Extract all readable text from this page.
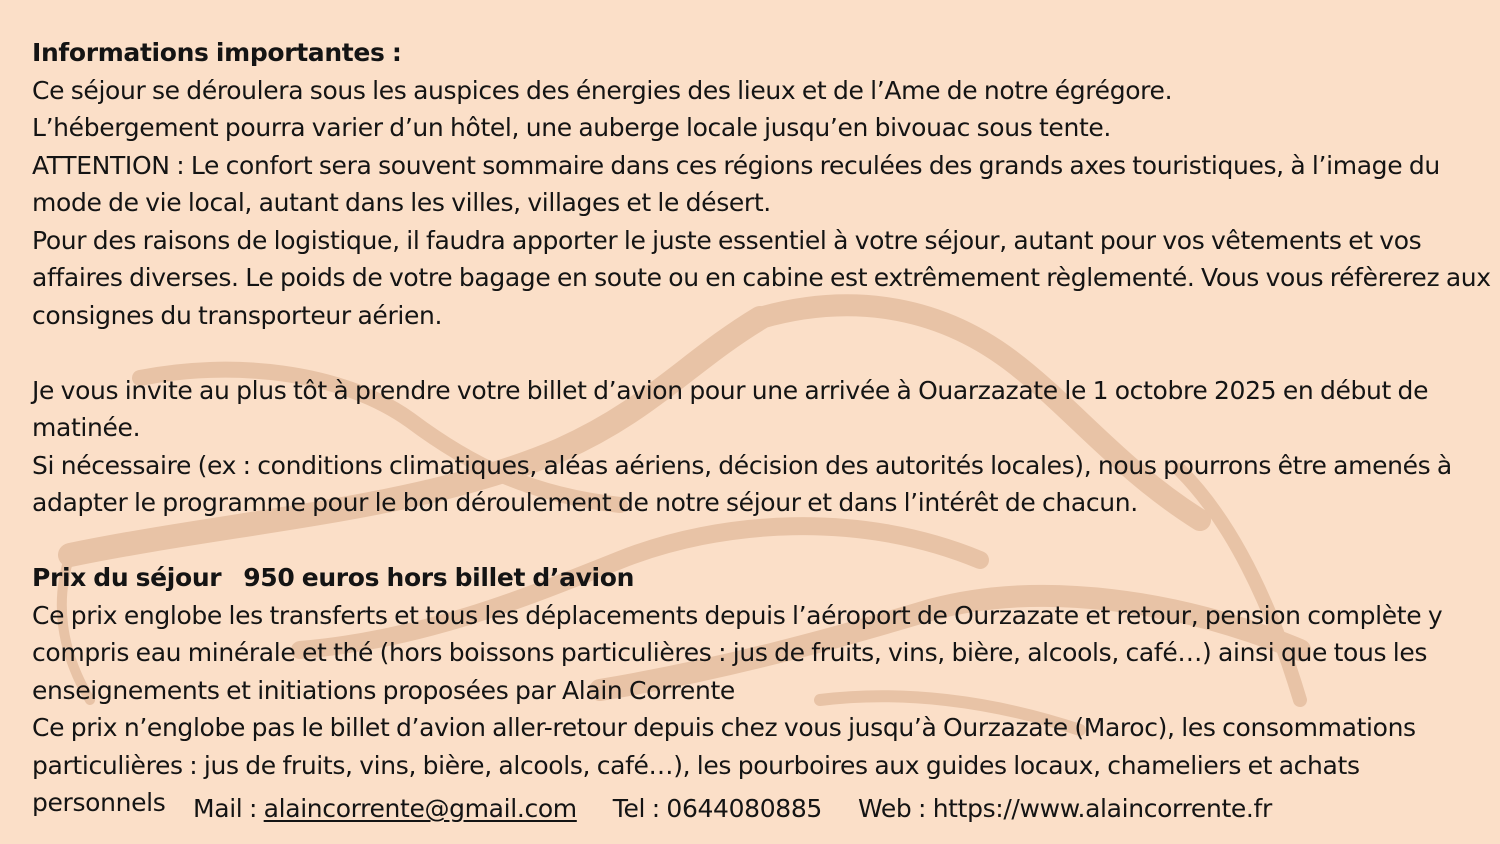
Informations importantes :

Ce séjour se déroulera sous les auspices des énergies des lieux et de l’Ame de notre égrégore.

L’hébergement pourra varier d’un hôtel, une auberge locale jusqu’en bivouac sous tente.

ATTENTION : Le confort sera souvent sommaire dans ces régions reculées des grands axes touristiques, à l’image du mode de vie local, autant dans les villes, villages et le désert.

Pour des raisons de logistique, il faudra apporter le juste essentiel à votre séjour, autant pour vos vêtements et vos affaires diverses. Le poids de votre bagage en soute ou en cabine est extrêmement règlementé. Vous vous réfèrerez aux consignes du transporteur aérien.

Je vous invite au plus tôt à prendre votre billet d’avion pour une arrivée à Ouarzazate le 1 octobre 2025 en début de matinée.

Si nécessaire (ex : conditions climatiques, aléas aériens, décision des autorités locales), nous pourrons être amenés à adapter le programme pour le bon déroulement de notre séjour et dans l’intérêt de chacun.

Prix du séjour 950 euros hors billet d’avion

Ce prix englobe les transferts et tous les déplacements depuis l’aéroport de Ourzazate et retour, pension complète y compris eau minérale et thé (hors boissons particulières : jus de fruits, vins, bière, alcools, café…) ainsi que tous les enseignements et initiations proposées par Alain Corrente

Ce prix n’englobe pas le billet d’avion aller-retour depuis chez vous jusqu’à Ourzazate (Maroc), les consommations particulières : jus de fruits, vins, bière, alcools, café…), les pourboires aux guides locaux, chameliers et achats personnels	Mail : alaincorrente@gmail.com Tel : 0644080885 Web : https://www.alaincorrente.fr
